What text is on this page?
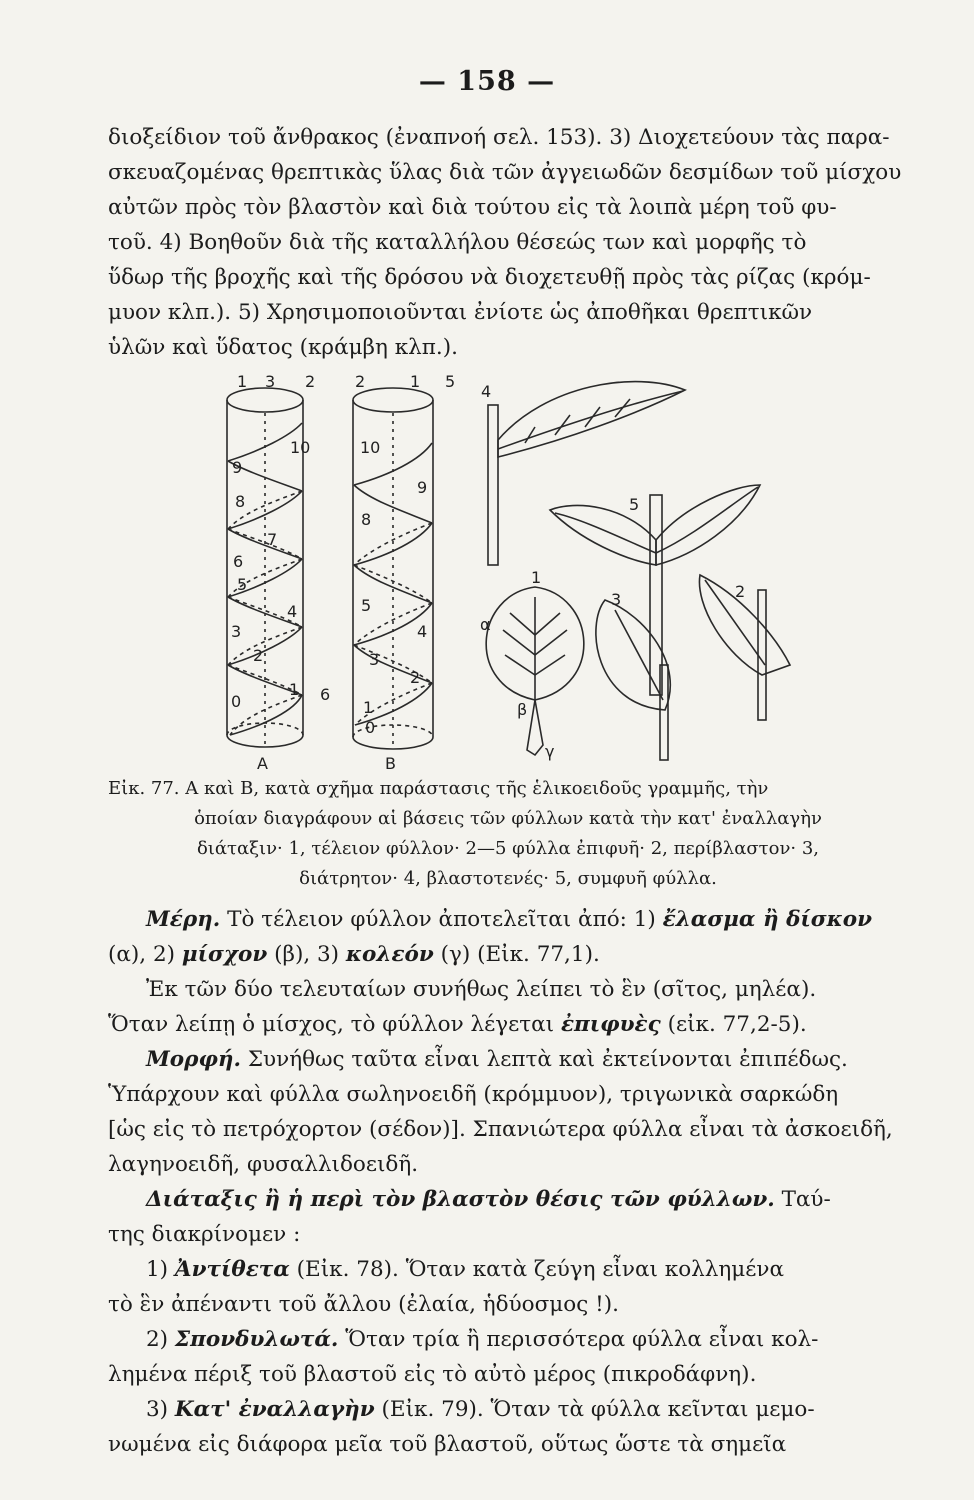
— 158 —
διοξείδιον τοῦ ἄνθρακος (ἐναπνοή σελ. 153). 3) Διοχετεύουν τὰς παρα-
σκευαζομένας θρεπτικὰς ὕλας διὰ τῶν ἀγγειωδῶν δεσμίδων τοῦ μίσχου
αὐτῶν πρὸς τὸν βλαστὸν καὶ διὰ τούτου εἰς τὰ λοιπὰ μέρη τοῦ φυ-
τοῦ. 4) Βοηθοῦν διὰ τῆς καταλλήλου θέσεώς των καὶ μορφῆς τὸ
ὕδωρ τῆς βροχῆς καὶ τῆς δρόσου νὰ διοχετευθῇ πρὸς τὰς ρίζας (κρόμ-
μυον κλπ.). 5) Χρησιμοποιοῦνται ἐνίοτε ὡς ἀποθῆκαι θρεπτικῶν
ὑλῶν καὶ ὕδατος (κράμβη κλπ.).
1 3 2 2	1 5
10
9
8
7
6
5
4
3
2
1
0
10
9
8
5
4
3
2
1
0
A	B
6
4
5
1
3	2
α
β
γ
Εἰκ. 77. Α καὶ Β, κατὰ σχῆμα παράστασις τῆς ἑλικοειδοῦς γραμμῆς, τὴν
ὁποίαν διαγράφουν αἱ βάσεις τῶν φύλλων κατὰ τὴν κατ' ἐναλλαγὴν
διάταξιν· 1, τέλειον φύλλον· 2—5 φύλλα ἐπιφυῆ· 2, περίβλαστον· 3,
διάτρητον· 4, βλαστοτενές· 5, συμφυῆ φύλλα.
Μέρη. Τὸ τέλειον φύλλον ἀποτελεῖται ἀπό: 1) ἔλασμα ἢ δίσκον
(α), 2) μίσχον (β), 3) κολεόν (γ) (Εἰκ. 77,1).
Ἐκ τῶν δύο τελευταίων συνήθως λείπει τὸ ἓν (σῖτος, μηλέα).
Ὅταν λείπῃ ὁ μίσχος, τὸ φύλλον λέγεται ἐπιφυὲς (εἰκ. 77,2-5).
Μορφή. Συνήθως ταῦτα εἶναι λεπτὰ καὶ ἐκτείνονται ἐπιπέδως.
Ὑπάρχουν καὶ φύλλα σωληνοειδῆ (κρόμμυον), τριγωνικὰ σαρκώδη
[ὡς εἰς τὸ πετρόχορτον (σέδον)]. Σπανιώτερα φύλλα εἶναι τὰ ἀσκοειδῆ,
λαγηνοειδῆ, φυσαλλιδοειδῆ.
Διάταξις ἢ ἡ περὶ τὸν βλαστὸν θέσις τῶν φύλλων. Ταύ-
της διακρίνομεν :
1) Ἀντίθετα (Εἰκ. 78). Ὅταν κατὰ ζεύγη εἶναι κολλημένα
τὸ ἓν ἀπέναντι τοῦ ἄλλου (ἐλαία, ἡδύοσμος !).
2) Σπονδυλωτά. Ὅταν τρία ἢ περισσότερα φύλλα εἶναι κολ-
λημένα πέριξ τοῦ βλαστοῦ εἰς τὸ αὐτὸ μέρος (πικροδάφνη).
3) Κατ' ἐναλλαγὴν (Εἰκ. 79). Ὅταν τὰ φύλλα κεῖνται μεμο-
νωμένα εἰς διάφορα μεῖα τοῦ βλαστοῦ, οὕτως ὥστε τὰ σημεῖα
